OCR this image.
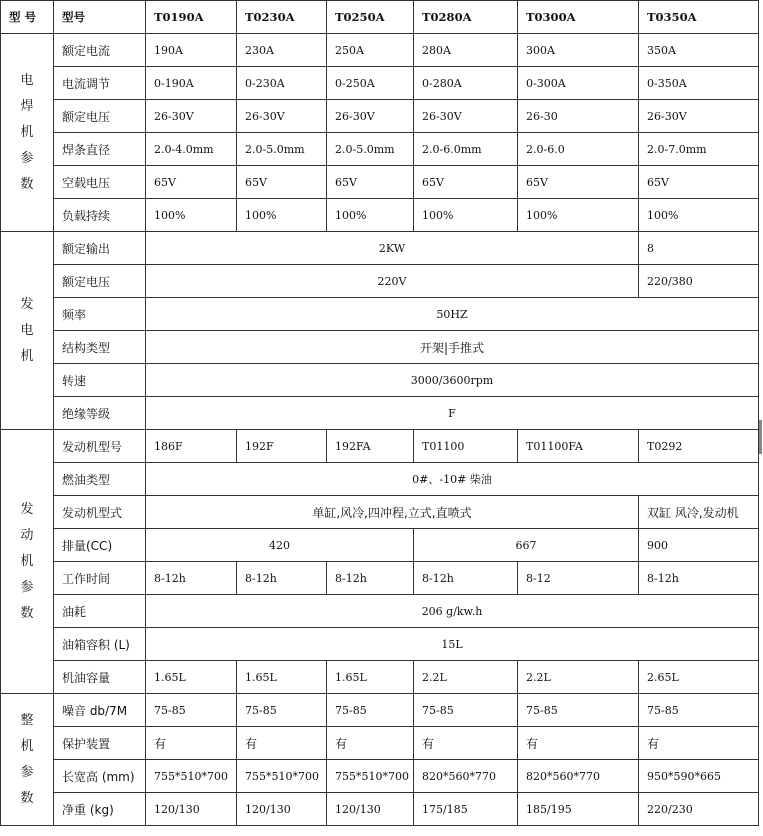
型 号	型号	T0190A	T0230A	T0250A	T0280A	T0300A	T0350A

电
焊
机
参
数	额定电流	190A	230A	250A	280A	300A	350A
	电流调节	0-190A	0-230A	0-250A	0-280A	0-300A	0-350A
	额定电压	26-30V	26-30V	26-30V	26-30V	26-30	26-30V
	焊条直径	2.0-4.0mm	2.0-5.0mm	2.0-5.0mm	2.0-6.0mm	2.0-6.0	2.0-7.0mm
	空载电压	65V	65V	65V	65V	65V	65V
	负载持续	100%	100%	100%	100%	100%	100%

发
电
机	额定输出	2KW					8
	额定电压	220V					220/380
	频率	50HZ					
	结构类型	开架|手推式					
	转速	3000/3600rpm					
	绝缘等级	F					

发
动
机
参
数	发动机型号	186F	192F	192FA	T01100	T01100FA	T0292
	燃油类型	0#、-10# 柴油					
	发动机型式	单缸,风冷,四冲程,立式,直喷式					双缸 风冷,发动机
	排量(CC)	420			667		900
	工作时间	8-12h	8-12h	8-12h	8-12h	8-12	8-12h
	油耗	206 g/kw.h					
	油箱容积 (L)	15L					
	机油容量	1.65L	1.65L	1.65L	2.2L	2.2L	2.65L

整
机
参
数	噪音 db/7M	75-85	75-85	75-85	75-85	75-85	75-85
	保护装置	有	有	有	有	有	有
	长宽高 (mm)	755*510*700	755*510*700	755*510*700	820*560*770	820*560*770	950*590*665
	净重 (kg)	120/130	120/130	120/130	175/185	185/195	220/230
